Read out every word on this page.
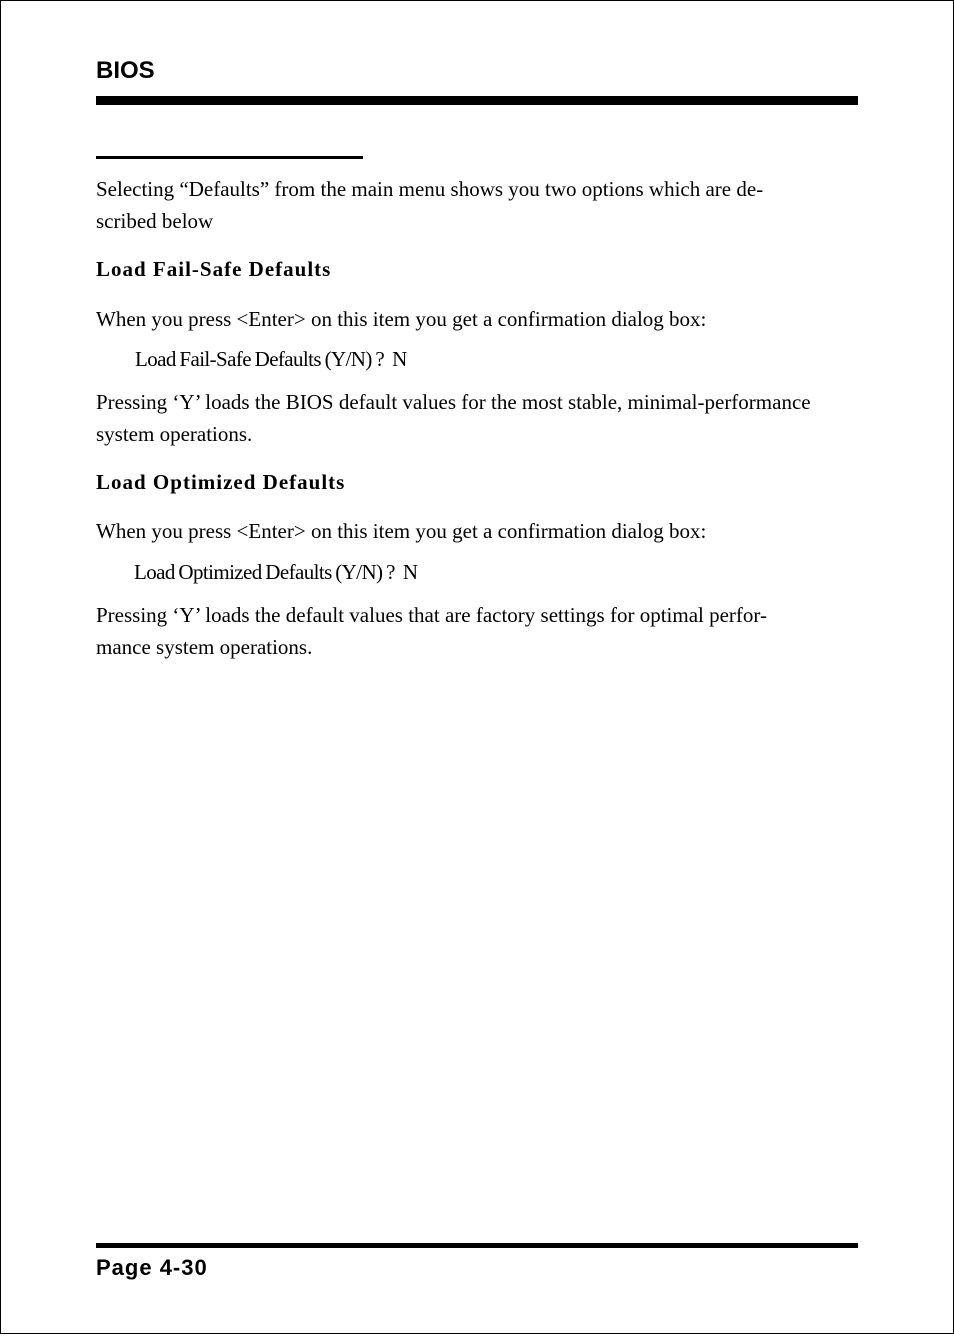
BIOS

Selecting “Defaults” from the main menu shows you two options which are de-
scribed below

Load Fail-Safe Defaults

When you press <Enter> on this item you get a confirmation dialog box:

Load Fail-Safe Defaults (Y/N) ? N

Pressing ‘Y’ loads the BIOS default values for the most stable, minimal-performance
system operations.

Load Optimized Defaults

When you press <Enter> on this item you get a confirmation dialog box:

Load Optimized Defaults (Y/N) ? N

Pressing ‘Y’ loads the default values that are factory settings for optimal perfor-
mance system operations.

Page 4-30
